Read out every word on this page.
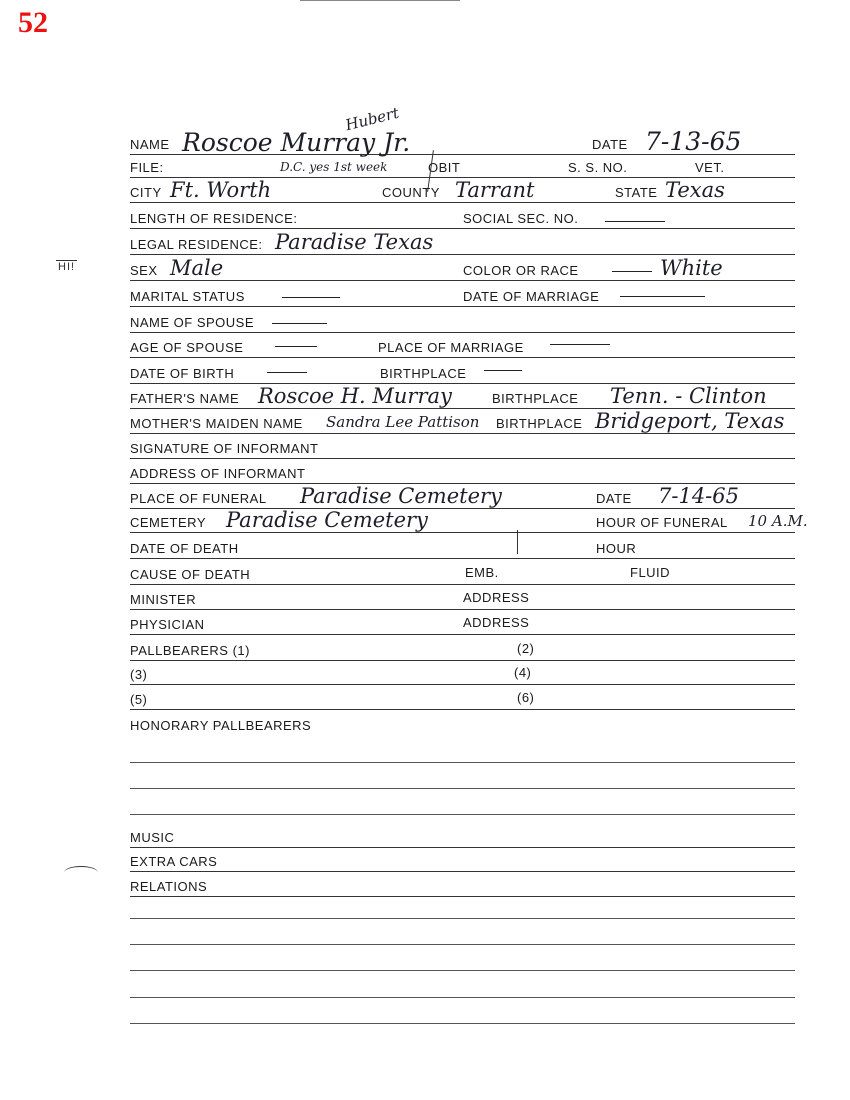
52
HI!
NAME Roscoe Murray Jr.
Hubert
DATE 7-13-65
FILE:	D.C. yes 1st week	OBIT	S. S. NO.	VET.
CITY Ft. Worth	COUNTY Tarrant	STATE Texas
LENGTH OF RESIDENCE:	SOCIAL SEC. NO.
LEGAL RESIDENCE: Paradise Texas
SEX Male	COLOR OR RACE	White
MARITAL STATUS	DATE OF MARRIAGE
NAME OF SPOUSE
AGE OF SPOUSE	PLACE OF MARRIAGE
DATE OF BIRTH	BIRTHPLACE
FATHER'S NAME Roscoe H. Murray	BIRTHPLACE Tenn. - Clinton
MOTHER'S MAIDEN NAME Sandra Lee Pattison BIRTHPLACE Bridgeport, Texas
SIGNATURE OF INFORMANT
ADDRESS OF INFORMANT
PLACE OF FUNERAL Paradise Cemetery	DATE 7-14-65
CEMETERY Paradise Cemetery	HOUR OF FUNERAL 10 A.M.
DATE OF DEATH	HOUR
CAUSE OF DEATH	EMB.	FLUID
MINISTER	ADDRESS
PHYSICIAN	ADDRESS
PALLBEARERS (1)	(2)
(3)	(4)
(5)	(6)
HONORARY PALLBEARERS
MUSIC
EXTRA CARS
RELATIONS
